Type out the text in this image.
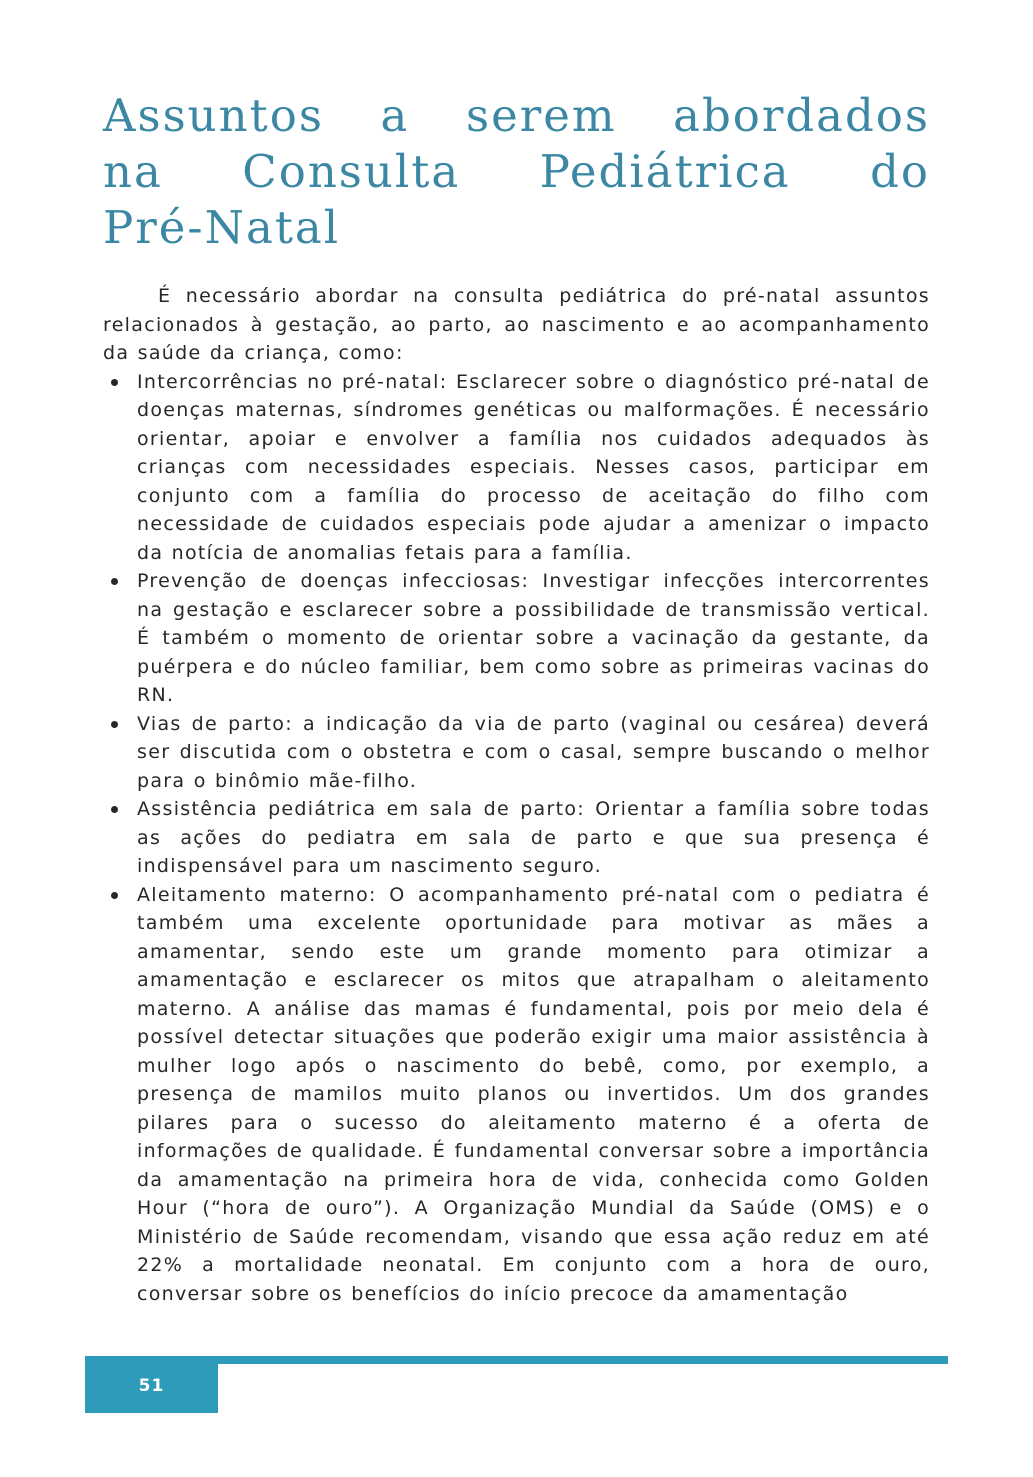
Assuntos a serem abordados
na Consulta Pediátrica do
Pré-Natal

É necessário abordar na consulta pediátrica do pré-natal assuntos relacionados à gestação, ao parto, ao nascimento e ao acompanhamento da saúde da criança, como:

Intercorrências no pré-natal: Esclarecer sobre o diagnóstico pré-natal de doenças maternas, síndromes genéticas ou malformações. É necessário orientar, apoiar e envolver a família nos cuidados adequados às crianças com necessidades especiais. Nesses casos, participar em conjunto com a família do processo de aceitação do filho com necessidade de cuidados especiais pode ajudar a amenizar o impacto da notícia de anomalias fetais para a família.
Prevenção de doenças infecciosas: Investigar infecções intercorrentes na gestação e esclarecer sobre a possibilidade de transmissão vertical. É também o momento de orientar sobre a vacinação da gestante, da puérpera e do núcleo familiar, bem como sobre as primeiras vacinas do RN.
Vias de parto: a indicação da via de parto (vaginal ou cesárea) deverá ser discutida com o obstetra e com o casal, sempre buscando o melhor para o binômio mãe-filho.
Assistência pediátrica em sala de parto: Orientar a família sobre todas as ações do pediatra em sala de parto e que sua presença é indispensável para um nascimento seguro.
Aleitamento materno: O acompanhamento pré-natal com o pediatra é também uma excelente oportunidade para motivar as mães a amamentar, sendo este um grande momento para otimizar a amamentação e esclarecer os mitos que atrapalham o aleitamento materno. A análise das mamas é fundamental, pois por meio dela é possível detectar situações que poderão exigir uma maior assistência à mulher logo após o nascimento do bebê, como, por exemplo, a presença de mamilos muito planos ou invertidos. Um dos grandes pilares para o sucesso do aleitamento materno é a oferta de informações de qualidade. É fundamental conversar sobre a importância da amamentação na primeira hora de vida, conhecida como Golden Hour (“hora de ouro”). A Organização Mundial da Saúde (OMS) e o Ministério de Saúde recomendam, visando que essa ação reduz em até 22% a mortalidade neonatal. Em conjunto com a hora de ouro, conversar sobre os benefícios do início precoce da amamentação
51
